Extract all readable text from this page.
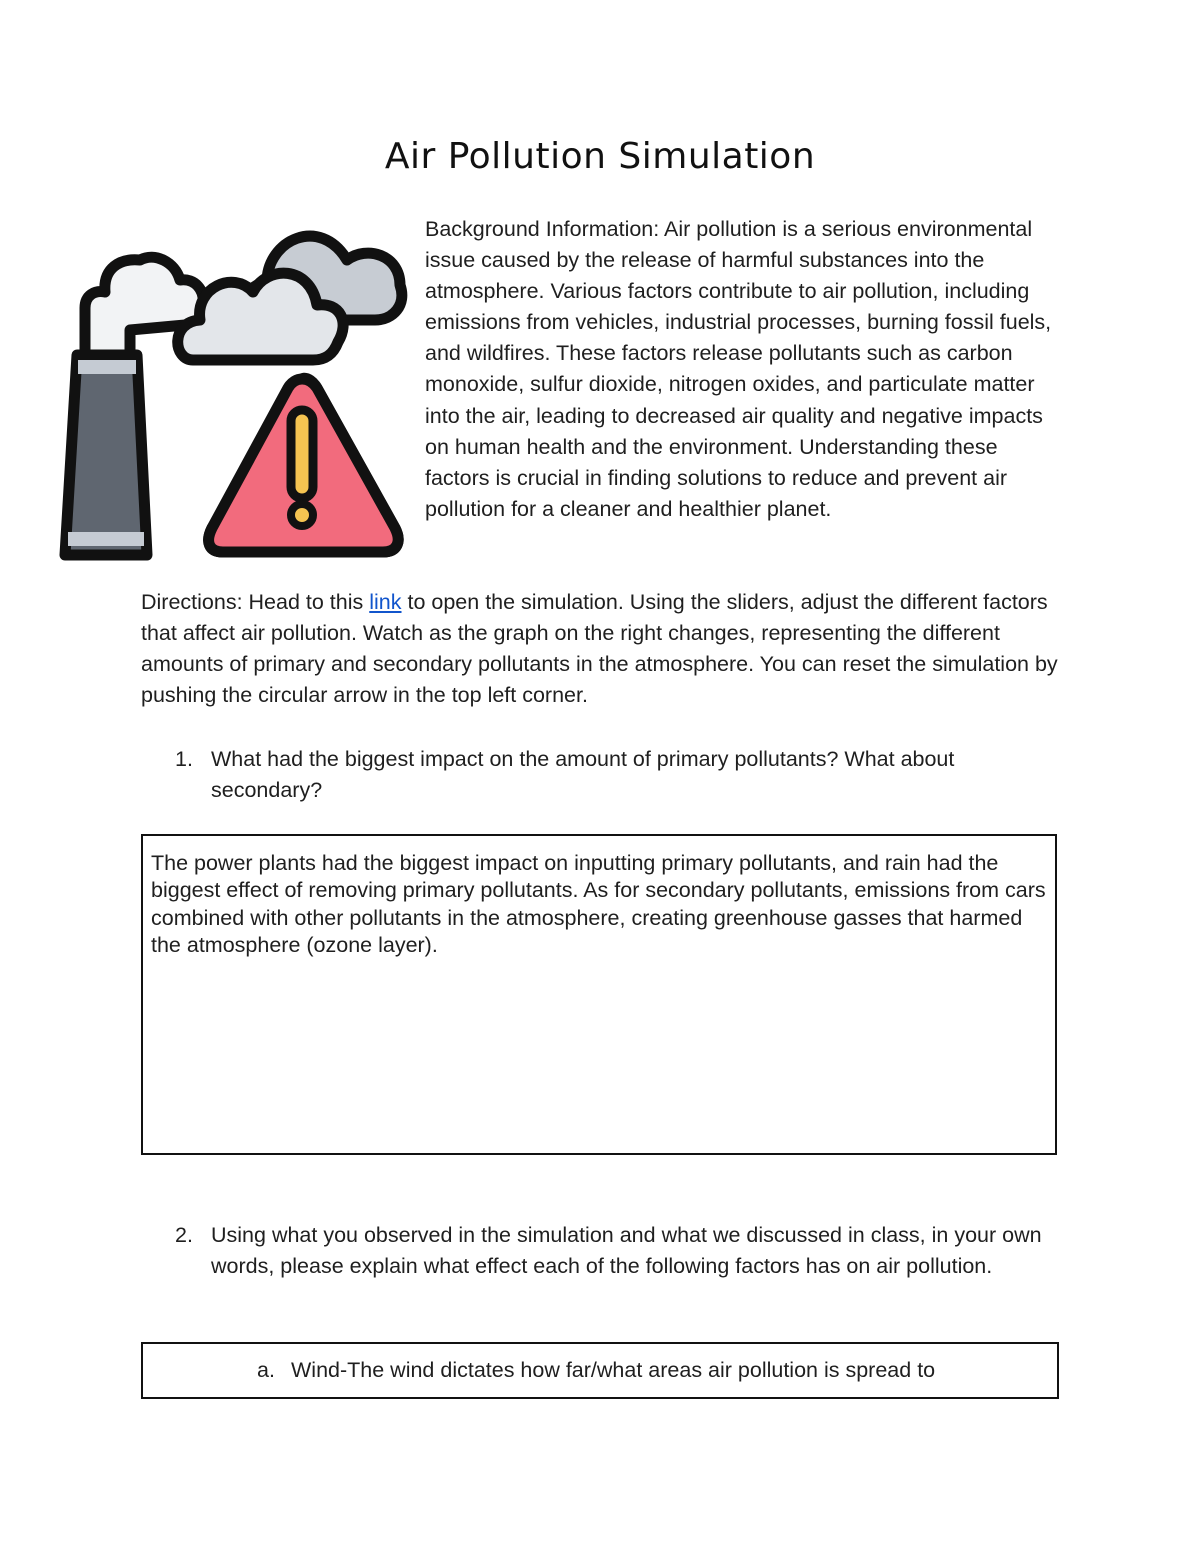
Air Pollution Simulation

Background Information: Air pollution is a serious environmental issue caused by the release of harmful substances into the atmosphere. Various factors contribute to air pollution, including emissions from vehicles, industrial processes, burning fossil fuels, and wildfires. These factors release pollutants such as carbon monoxide, sulfur dioxide, nitrogen oxides, and particulate matter into the air, leading to decreased air quality and negative impacts on human health and the environment. Understanding these factors is crucial in finding solutions to reduce and prevent air pollution for a cleaner and healthier planet.

Directions: Head to this link to open the simulation. Using the sliders, adjust the different factors that affect air pollution. Watch as the graph on the right changes, representing the different amounts of primary and secondary pollutants in the atmosphere. You can reset the simulation by pushing the circular arrow in the top left corner.

1. What had the biggest impact on the amount of primary pollutants? What about secondary?
The power plants had the biggest impact on inputting primary pollutants, and rain had the biggest effect of removing primary pollutants. As for secondary pollutants, emissions from cars combined with other pollutants in the atmosphere, creating greenhouse gasses that harmed the atmosphere (ozone layer).
2. Using what you observed in the simulation and what we discussed in class, in your own words, please explain what effect each of the following factors has on air pollution.
a. Wind-The wind dictates how far/what areas air pollution is spread to
